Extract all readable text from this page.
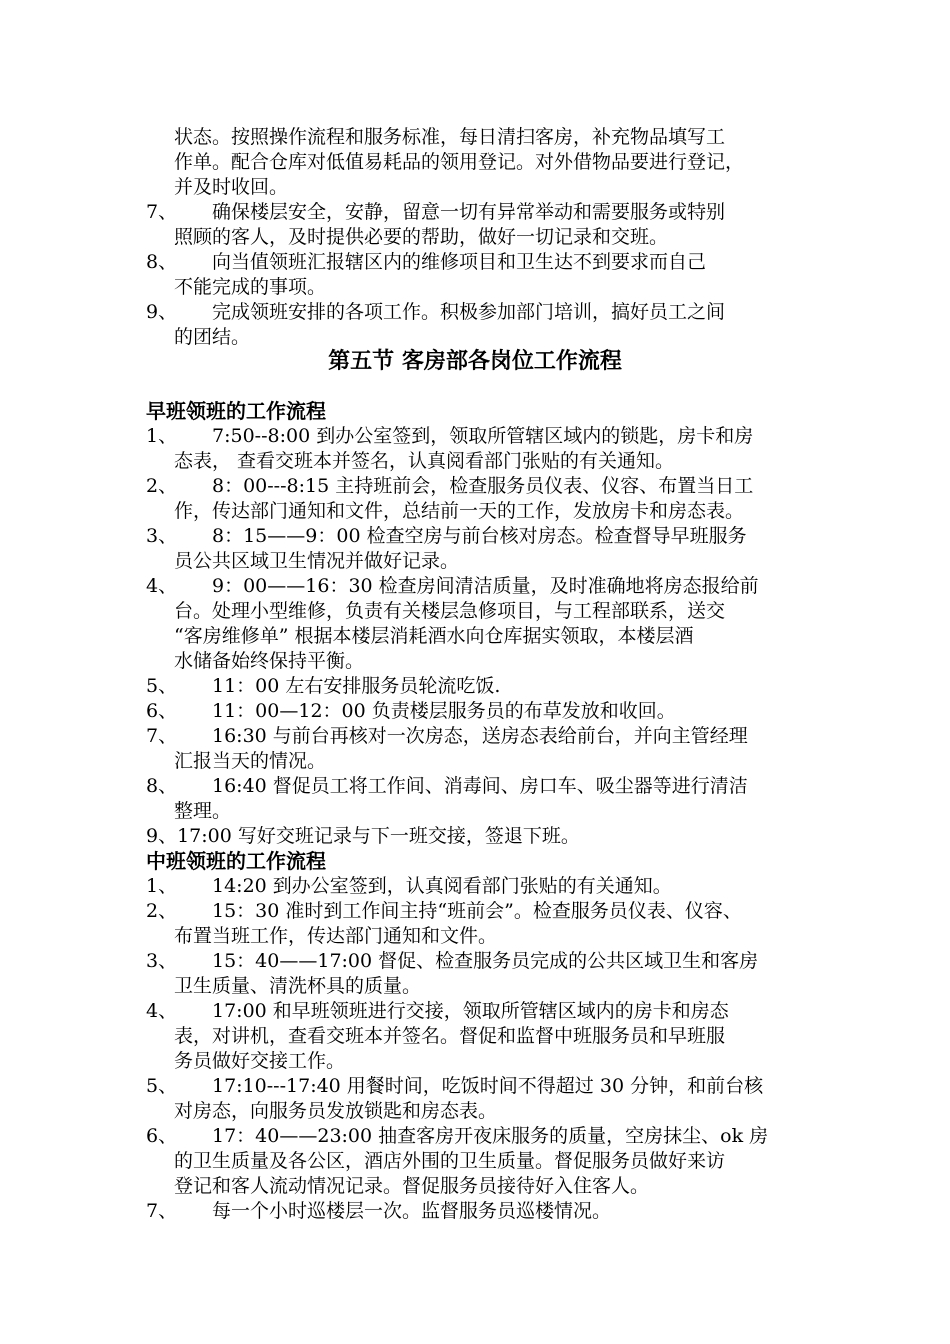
状态。按照操作流程和服务标准，每日清扫客房，补充物品填写工
作单。配合仓库对低值易耗品的领用登记。对外借物品要进行登记，
并及时收回。
7、 确保楼层安全，安静，留意一切有异常举动和需要服务或特别
照顾的客人，及时提供必要的帮助，做好一切记录和交班。
8、 向当值领班汇报辖区内的维修项目和卫生达不到要求而自己
不能完成的事项。
9、 完成领班安排的各项工作。积极参加部门培训，搞好员工之间
的团结。
第五节 客房部各岗位工作流程
早班领班的工作流程
1、 7:50--8:00 到办公室签到，领取所管辖区域内的锁匙，房卡和房
态表， 查看交班本并签名，认真阅看部门张贴的有关通知。
2、 8：00---8:15 主持班前会，检查服务员仪表、仪容、布置当日工
作，传达部门通知和文件，总结前一天的工作，发放房卡和房态表。
3、 8：15——9：00 检查空房与前台核对房态。检查督导早班服务
员公共区域卫生情况并做好记录。
4、 9：00——16：30 检查房间清洁质量，及时准确地将房态报给前
台。处理小型维修，负责有关楼层急修项目，与工程部联系，送交
“客房维修单” 根据本楼层消耗酒水向仓库据实领取，本楼层酒
水储备始终保持平衡。
5、 11：00 左右安排服务员轮流吃饭.
6、 11：00—12：00 负责楼层服务员的布草发放和收回。
7、 16:30 与前台再核对一次房态，送房态表给前台，并向主管经理
汇报当天的情况。
8、 16:40 督促员工将工作间、消毒间、房口车、吸尘器等进行清洁
整理。
9、17:00 写好交班记录与下一班交接，签退下班。
中班领班的工作流程
1、 14:20 到办公室签到，认真阅看部门张贴的有关通知。
2、 15：30 准时到工作间主持“班前会”。检查服务员仪表、仪容、
布置当班工作，传达部门通知和文件。
3、 15：40——17:00 督促、检查服务员完成的公共区域卫生和客房
卫生质量、清洗杯具的质量。
4、 17:00 和早班领班进行交接，领取所管辖区域内的房卡和房态
表，对讲机，查看交班本并签名。督促和监督中班服务员和早班服
务员做好交接工作。
5、 17:10---17:40 用餐时间，吃饭时间不得超过 30 分钟，和前台核
对房态，向服务员发放锁匙和房态表。
6、 17：40——23:00 抽查客房开夜床服务的质量，空房抹尘、ok 房
的卫生质量及各公区，酒店外围的卫生质量。督促服务员做好来访
登记和客人流动情况记录。督促服务员接待好入住客人。
7、 每一个小时巡楼层一次。监督服务员巡楼情况。
